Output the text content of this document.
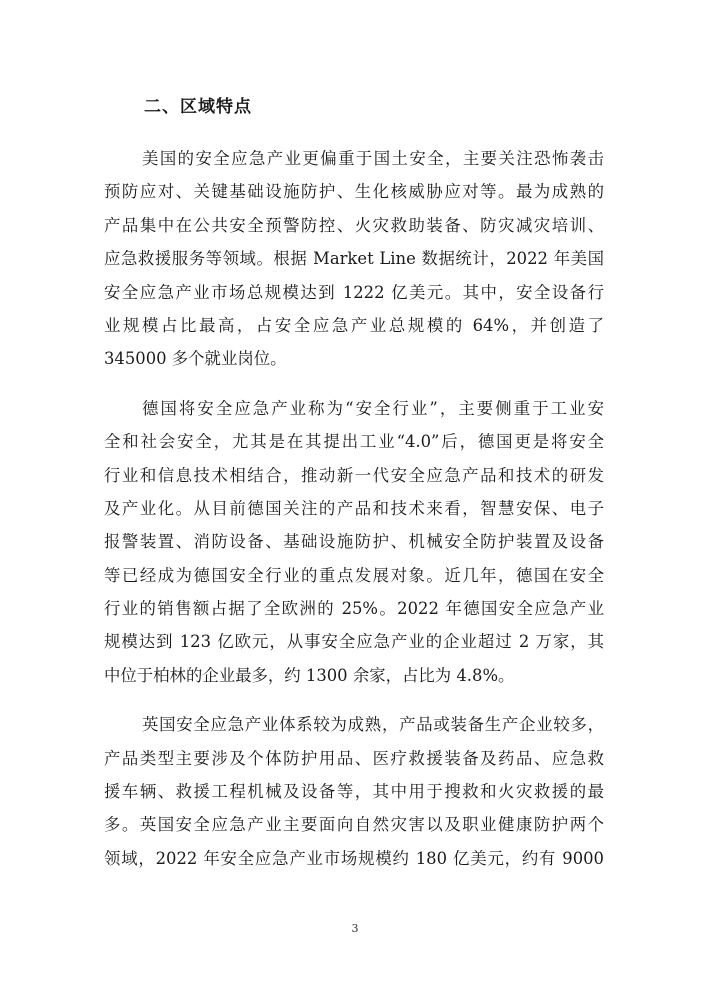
二、区域特点
美国的安全应急产业更偏重于国土安全，主要关注恐怖袭击
预防应对、关键基础设施防护、生化核威胁应对等。最为成熟的
产品集中在公共安全预警防控、火灾救助装备、防灾减灾培训、
应急救援服务等领域。根据 Market Line 数据统计，2022 年美国
安全应急产业市场总规模达到 1222 亿美元。其中，安全设备行
业规模占比最高，占安全应急产业总规模的 64%，并创造了
345000 多个就业岗位。
德国将安全应急产业称为“安全行业”，主要侧重于工业安
全和社会安全，尤其是在其提出工业“4.0”后，德国更是将安全
行业和信息技术相结合，推动新一代安全应急产品和技术的研发
及产业化。从目前德国关注的产品和技术来看，智慧安保、电子
报警装置、消防设备、基础设施防护、机械安全防护装置及设备
等已经成为德国安全行业的重点发展对象。近几年，德国在安全
行业的销售额占据了全欧洲的 25%。2022 年德国安全应急产业
规模达到 123 亿欧元，从事安全应急产业的企业超过 2 万家，其
中位于柏林的企业最多，约 1300 余家，占比为 4.8%。
英国安全应急产业体系较为成熟，产品或装备生产企业较多，
产品类型主要涉及个体防护用品、医疗救援装备及药品、应急救
援车辆、救援工程机械及设备等，其中用于搜救和火灾救援的最
多。英国安全应急产业主要面向自然灾害以及职业健康防护两个
领域，2022 年安全应急产业市场规模约 180 亿美元，约有 9000
3
